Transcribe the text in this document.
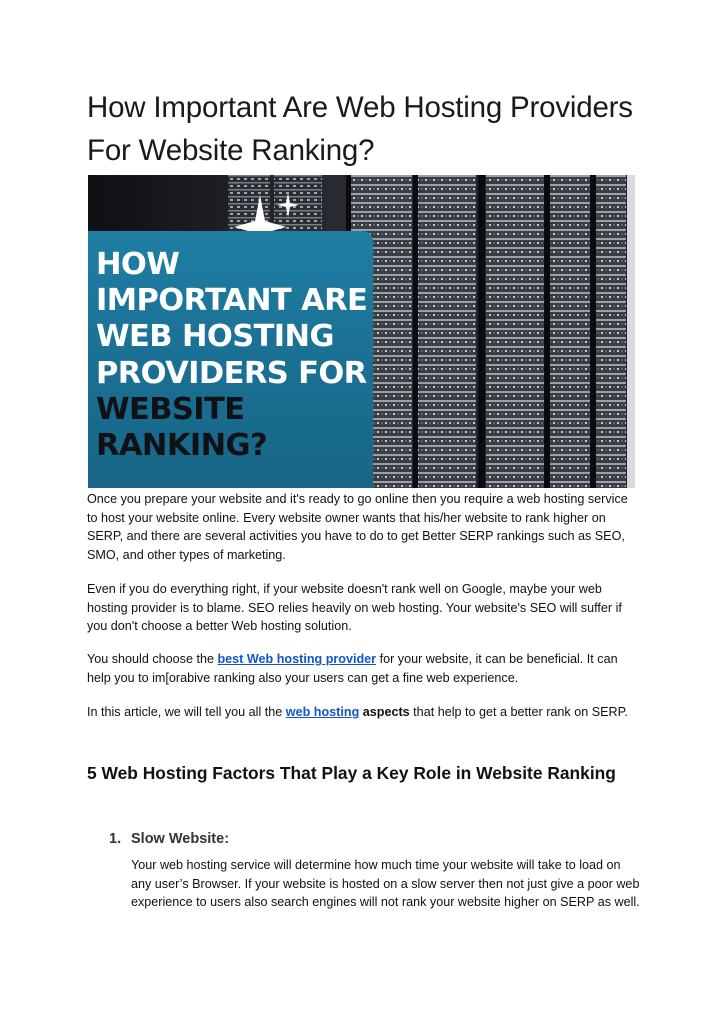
How Important Are Web Hosting Providers For Website Ranking?
HOW
IMPORTANT ARE
WEB HOSTING
PROVIDERS FOR
WEBSITE
RANKING?

Once you prepare your website and it's ready to go online then you require a web hosting service to host your website online. Every website owner wants that his/her website to rank higher on SERP, and there are several activities you have to do to get Better SERP rankings such as SEO, SMO, and other types of marketing.

Even if you do everything right, if your website doesn't rank well on Google, maybe your web hosting provider is to blame. SEO relies heavily on web hosting. Your website's SEO will suffer if you don't choose a better Web hosting solution.

You should choose the best Web hosting provider for your website, it can be beneficial. It can help you to im[orabive ranking also your users can get a fine web experience.

In this article, we will tell you all the web hosting aspects that help to get a better rank on SERP.

5 Web Hosting Factors That Play a Key Role in Website Ranking
1. Slow Website:

Your web hosting service will determine how much time your website will take to load on any user’s Browser. If your website is hosted on a slow server then not just give a poor web experience to users also search engines will not rank your website higher on SERP as well.
